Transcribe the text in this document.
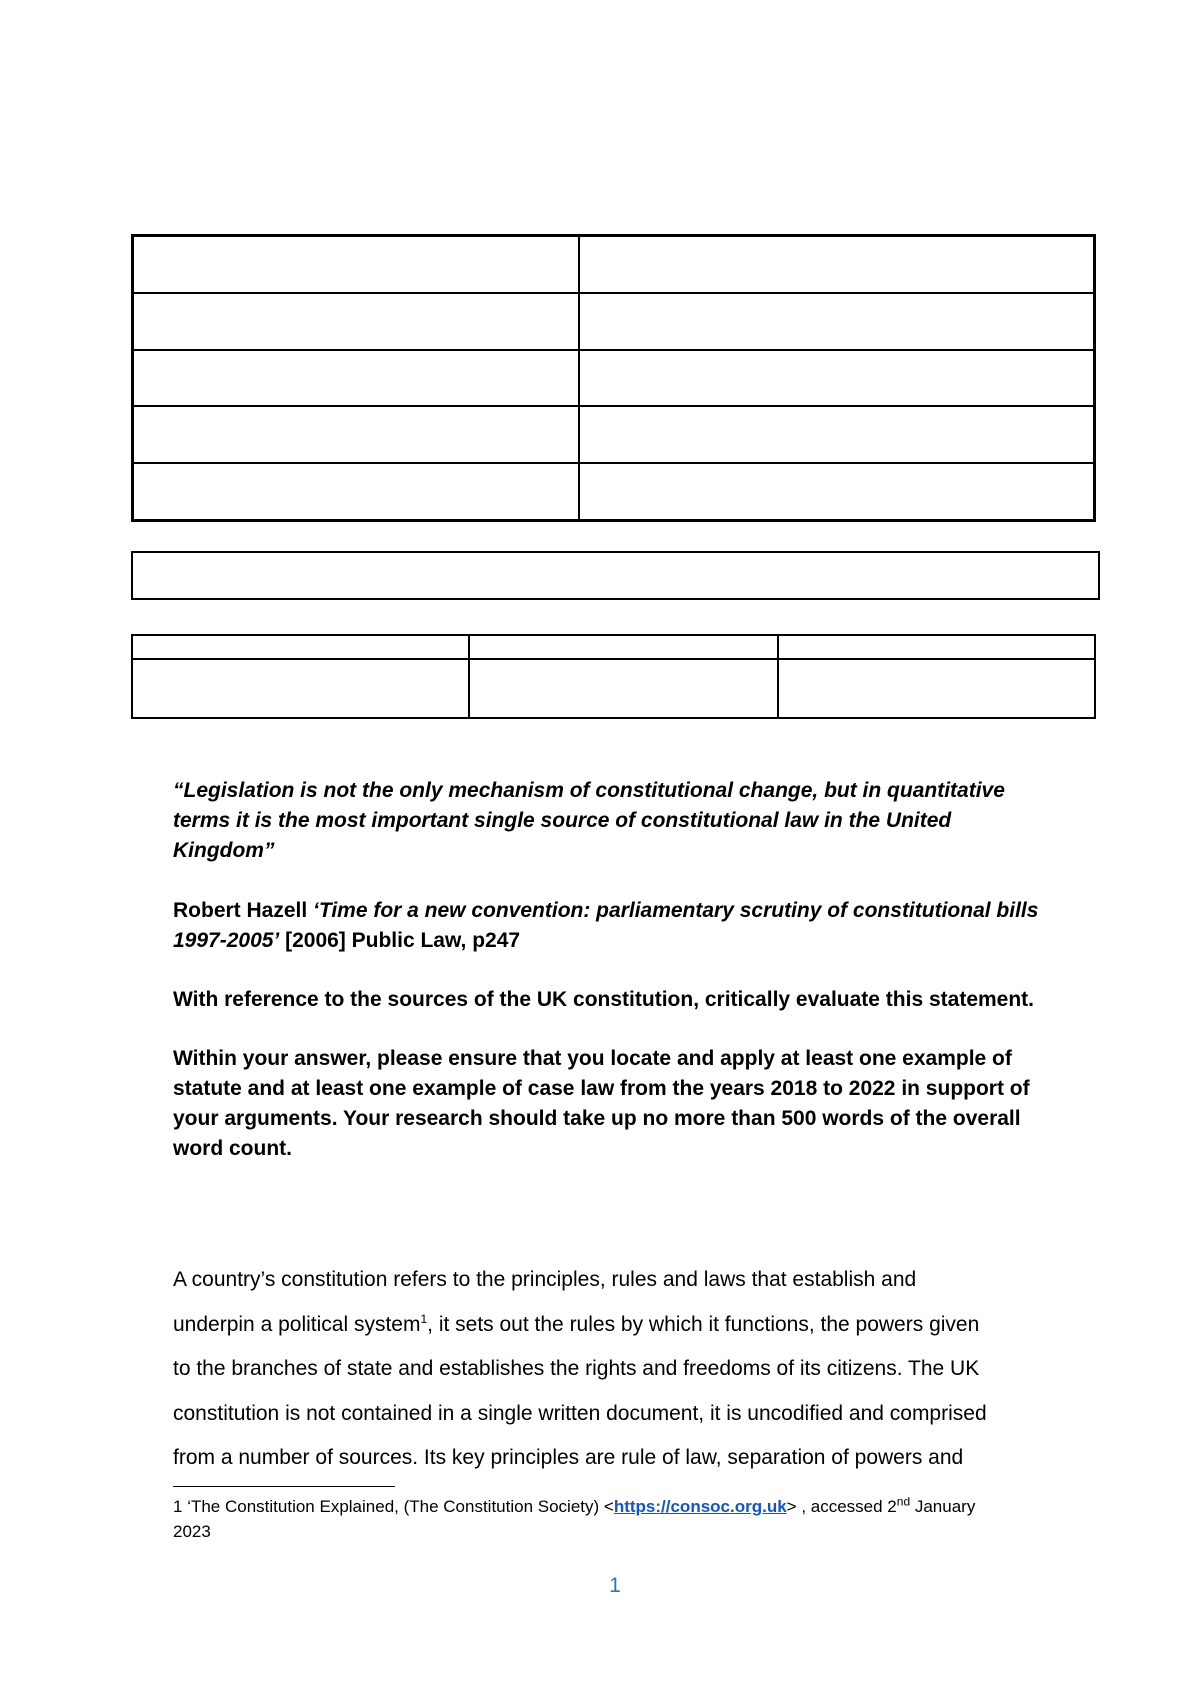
“Legislation is not the only mechanism of constitutional change, but in quantitative
terms it is the most important single source of constitutional law in the United
Kingdom”
Robert Hazell ‘Time for a new convention: parliamentary scrutiny of constitutional bills
1997-2005’ [2006] Public Law, p247
With reference to the sources of the UK constitution, critically evaluate this statement.
Within your answer, please ensure that you locate and apply at least one example of
statute and at least one example of case law from the years 2018 to 2022 in support of
your arguments. Your research should take up no more than 500 words of the overall
word count.
A country’s constitution refers to the principles, rules and laws that establish and
underpin a political system$^1$, it sets out the rules by which it functions, the powers given
to the branches of state and establishes the rights and freedoms of its citizens. The UK
constitution is not contained in a single written document, it is uncodified and comprised
from a number of sources. Its key principles are rule of law, separation of powers and
1 ‘The Constitution Explained, (The Constitution Society) <https://consoc.org.uk> , accessed 2nd January
2023
1
